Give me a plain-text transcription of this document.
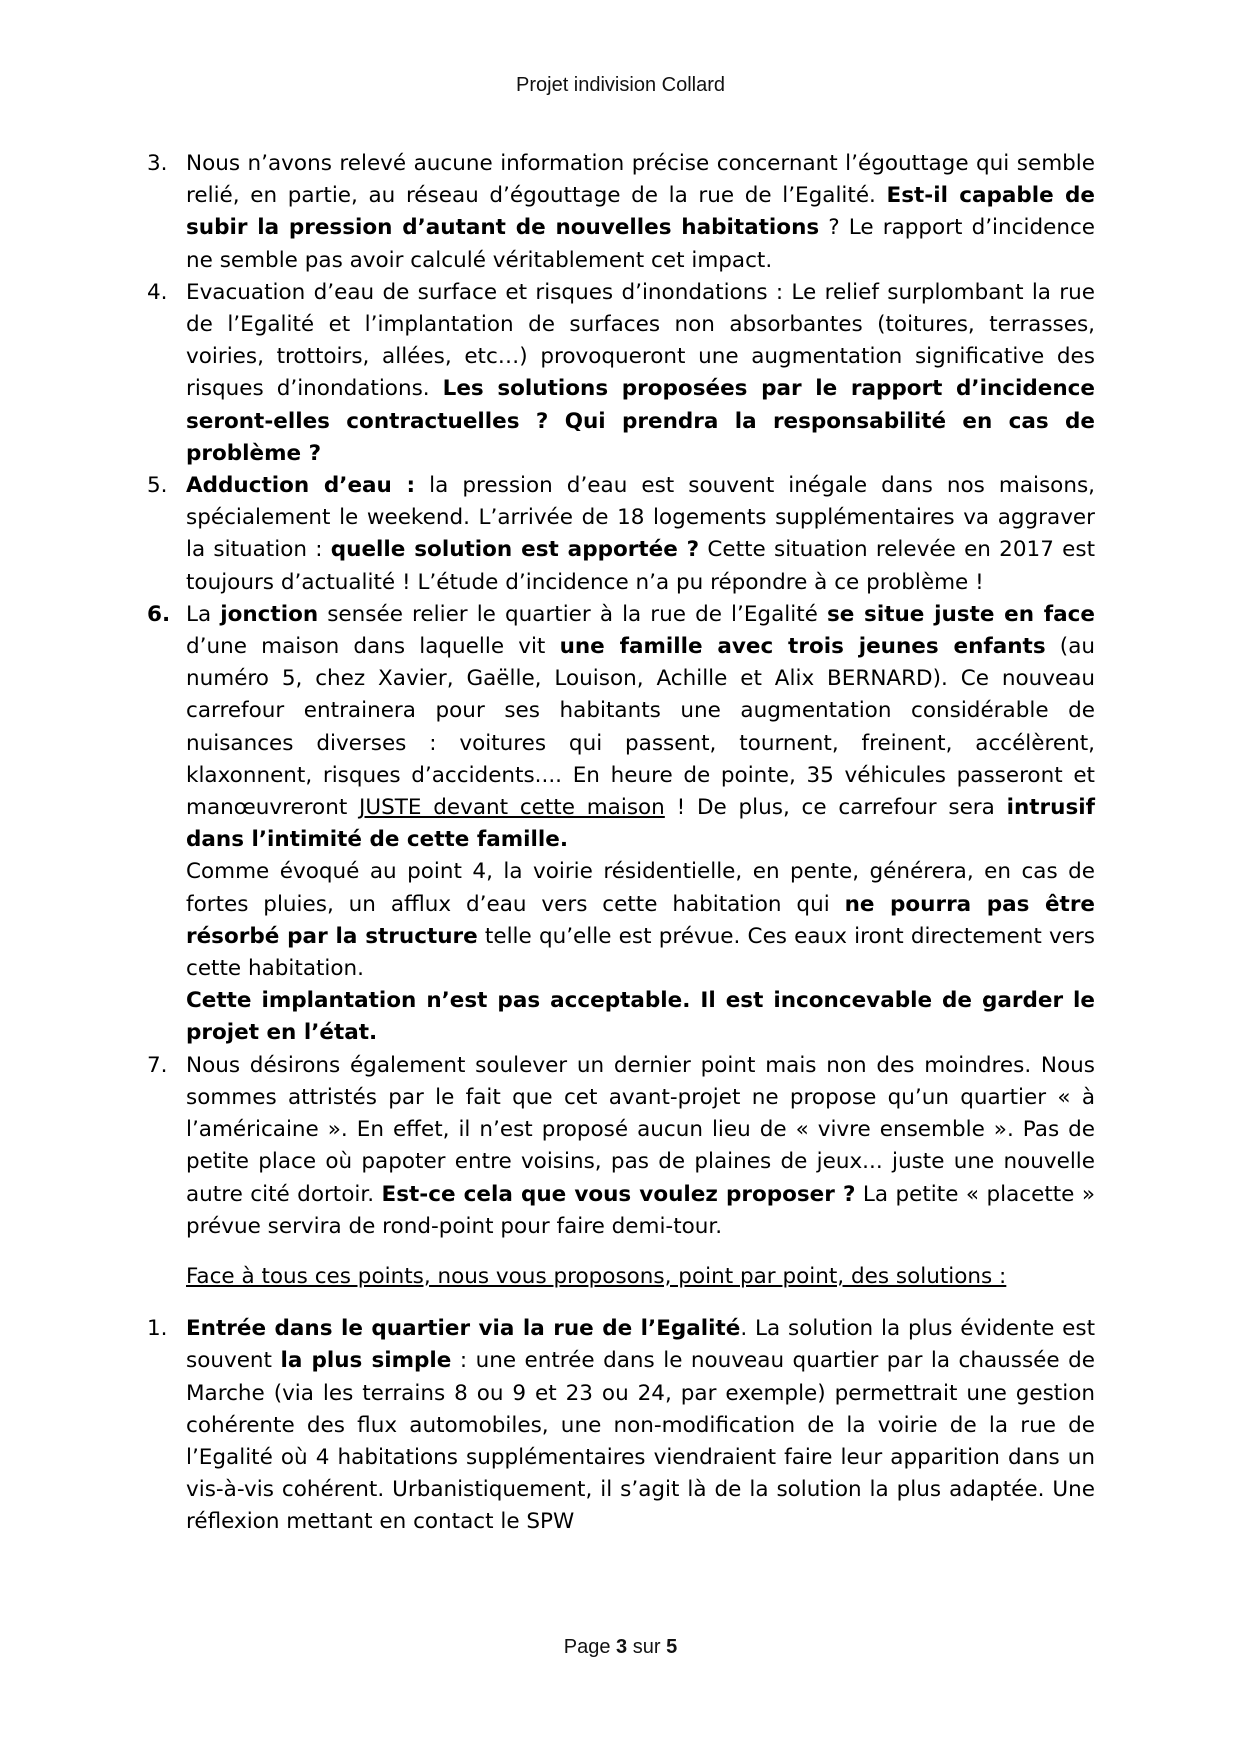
Projet indivision Collard
3. Nous n’avons relevé aucune information précise concernant l’égouttage qui semble relié, en partie, au réseau d’égouttage de la rue de l’Egalité. Est-il capable de subir la pression d’autant de nouvelles habitations ? Le rapport d’incidence ne semble pas avoir calculé véritablement cet impact.
4. Evacuation d’eau de surface et risques d’inondations : Le relief surplombant la rue de l’Egalité et l’implantation de surfaces non absorbantes (toitures, terrasses, voiries, trottoirs, allées, etc…) provoqueront une augmentation significative des risques d’inondations. Les solutions proposées par le rapport d’incidence seront-elles contractuelles ? Qui prendra la responsabilité en cas de problème ?
5. Adduction d’eau : la pression d’eau est souvent inégale dans nos maisons, spécialement le weekend. L’arrivée de 18 logements supplémentaires va aggraver la situation : quelle solution est apportée ? Cette situation relevée en 2017 est toujours d’actualité ! L’étude d’incidence n’a pu répondre à ce problème !
6. La jonction sensée relier le quartier à la rue de l’Egalité se situe juste en face d’une maison dans laquelle vit une famille avec trois jeunes enfants (au numéro 5, chez Xavier, Gaëlle, Louison, Achille et Alix BERNARD). Ce nouveau carrefour entrainera pour ses habitants une augmentation considérable de nuisances diverses : voitures qui passent, tournent, freinent, accélèrent, klaxonnent, risques d’accidents.... En heure de pointe, 35 véhicules passeront et manœuvreront JUSTE devant cette maison ! De plus, ce carrefour sera intrusif dans l’intimité de cette famille.
Comme évoqué au point 4, la voirie résidentielle, en pente, générera, en cas de fortes pluies, un afflux d’eau vers cette habitation qui ne pourra pas être résorbé par la structure telle qu’elle est prévue. Ces eaux iront directement vers cette habitation.
Cette implantation n’est pas acceptable. Il est inconcevable de garder le projet en l’état.
7. Nous désirons également soulever un dernier point mais non des moindres. Nous sommes attristés par le fait que cet avant-projet ne propose qu’un quartier « à l’américaine ». En effet, il n’est proposé aucun lieu de « vivre ensemble ». Pas de petite place où papoter entre voisins, pas de plaines de jeux... juste une nouvelle autre cité dortoir. Est-ce cela que vous voulez proposer ? La petite « placette » prévue servira de rond-point pour faire demi-tour.
Face à tous ces points, nous vous proposons, point par point, des solutions :
1. Entrée dans le quartier via la rue de l’Egalité. La solution la plus évidente est souvent la plus simple : une entrée dans le nouveau quartier par la chaussée de Marche (via les terrains 8 ou 9 et 23 ou 24, par exemple) permettrait une gestion cohérente des flux automobiles, une non-modification de la voirie de la rue de l’Egalité où 4 habitations supplémentaires viendraient faire leur apparition dans un vis-à-vis cohérent. Urbanistiquement, il s’agit là de la solution la plus adaptée. Une réflexion mettant en contact le SPW
Page 3 sur 5
